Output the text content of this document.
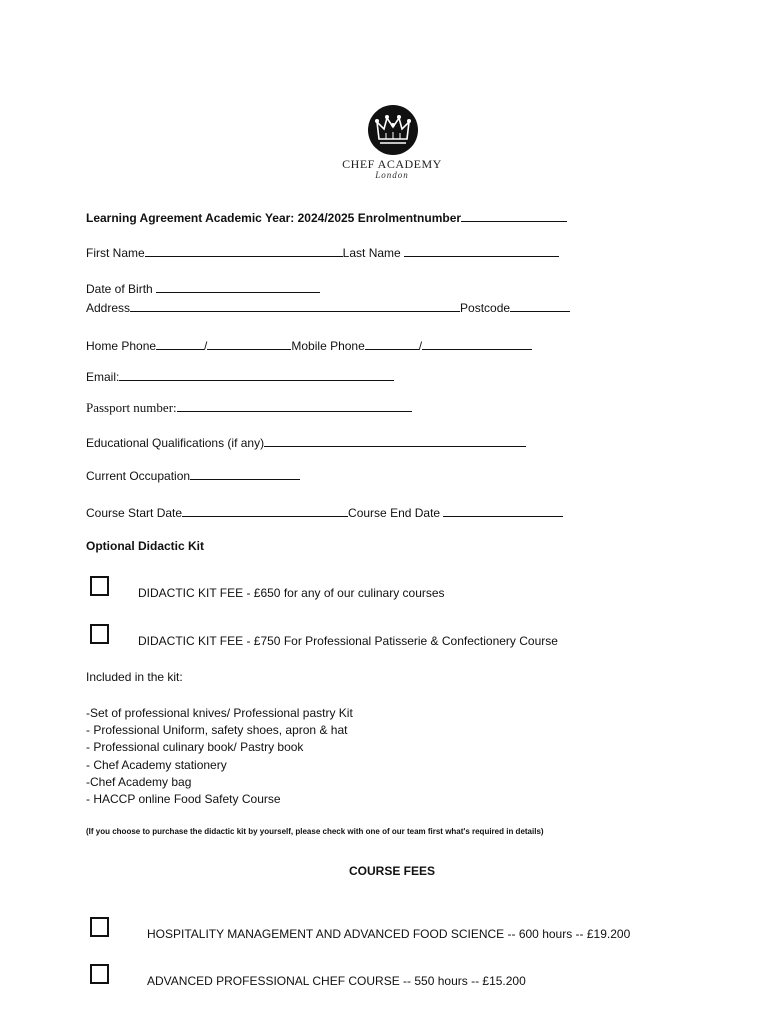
CHEF ACADEMY
London
Learning Agreement Academic Year: 2024/2025 Enrolmentnumber
First Name	Last Name
Date of Birth
Address	Postcode
Home Phone	/	Mobile Phone	/
Email:
Passport number:
Educational Qualifications (if any)
Current Occupation
Course Start Date	Course End Date
Optional Didactic Kit
DIDACTIC KIT FEE - £650 for any of our culinary courses
DIDACTIC KIT FEE - £750 For Professional Patisserie & Confectionery Course
Included in the kit:
-Set of professional knives/ Professional pastry Kit
- Professional Uniform, safety shoes, apron & hat
- Professional culinary book/ Pastry book
- Chef Academy stationery
-Chef Academy bag
- HACCP online Food Safety Course
(If you choose to purchase the didactic kit by yourself, please check with one of our team first what's required in details)
COURSE FEES
HOSPITALITY MANAGEMENT AND ADVANCED FOOD SCIENCE -- 600 hours -- £19.200
ADVANCED PROFESSIONAL CHEF COURSE -- 550 hours -- £15.200
